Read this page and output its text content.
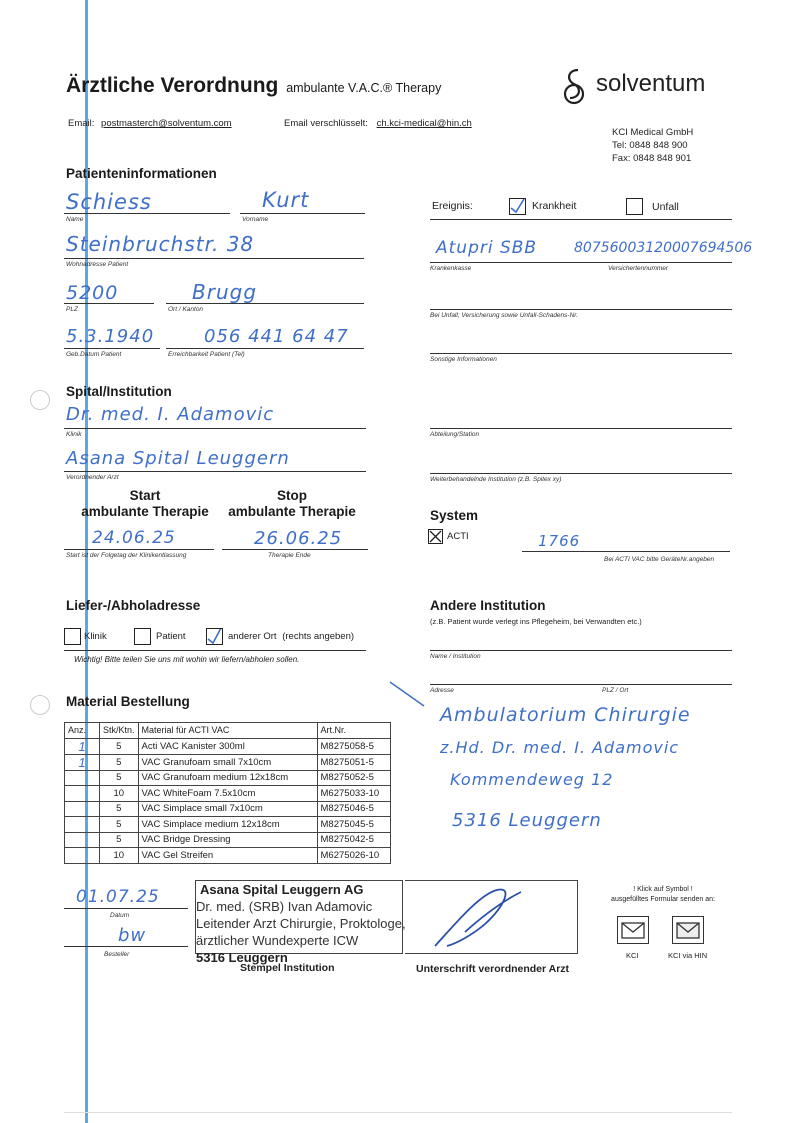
Ärztliche Verordnung ambulante V.A.C.® Therapy	solventum
Email: postmasterch@solventum.com	Email verschlüsselt: ch.kci-medical@hin.ch
KCI Medical GmbH
Tel: 0848 848 900
Fax: 0848 848 901
Patienteninformationen
Schiess	Kurt
Name	Vorname
Steinbruchstr. 38
Wohnadresse Patient
5200	Brugg
PLZ	Ort / Kanton
5.3.1940	056 441 64 47
Geb.Datum Patient	Erreichbarkeit Patient (Tel)
Ereignis:	Krankheit	Unfall
Atupri SBB	80756003120007694506
Krankenkasse	Versichertennummer
Bei Unfall; Versicherung sowie Unfall-Schadens-Nr.
Sonstige Informationen
Spital/Institution
Dr. med. I. Adamovic
Klinik
Asana Spital Leuggern
Verordnender Arzt
Abteilung/Station
Weiterbehandelnde Institution (z.B. Spitex xy)
Start
ambulante Therapie
Stop
ambulante Therapie
24.06.25	26.06.25
Start ist der Folgetag der Klinikentlassung	Therapie Ende
System
ACTI	1766
Bei ACTI VAC bitte GeräteNr.angeben
Liefer-/Abholadresse
Klinik	Patient	anderer Ort (rechts angeben)
Wichtig! Bitte teilen Sie uns mit wohin wir liefern/abholen sollen.
Andere Institution
(z.B. Patient wurde verlegt ins Pflegeheim, bei Verwandten etc.)
Name / Institution
Adresse	PLZ / Ort
Ambulatorium Chirurgie
z.Hd. Dr. med. I. Adamovic
Kommendeweg 12
5316 Leuggern
Material Bestellung
Anz.	Stk/Ktn.	Material für ACTI VAC	Art.Nr.
1	5	Acti VAC Kanister 300ml	M8275058-5
1	5	VAC Granufoam small 7x10cm	M8275051-5
	5	VAC Granufoam medium 12x18cm	M8275052-5
	10	VAC WhiteFoam 7.5x10cm	M6275033-10
	5	VAC Simplace small 7x10cm	M8275046-5
	5	VAC Simplace medium 12x18cm	M8275045-5
	5	VAC Bridge Dressing	M8275042-5
	10	VAC Gel Streifen	M6275026-10
01.07.25
Datum
bw
Besteller
Asana Spital Leuggern AG
Dr. med. (SRB) Ivan Adamovic
Leitender Arzt Chirurgie, Proktologe,
ärztlicher Wundexperte ICW
5316 Leuggern
Stempel Institution	Unterschrift verordnender Arzt
! Klick auf Symbol !
ausgefülltes Formular senden an:
KCI	KCI via HIN
